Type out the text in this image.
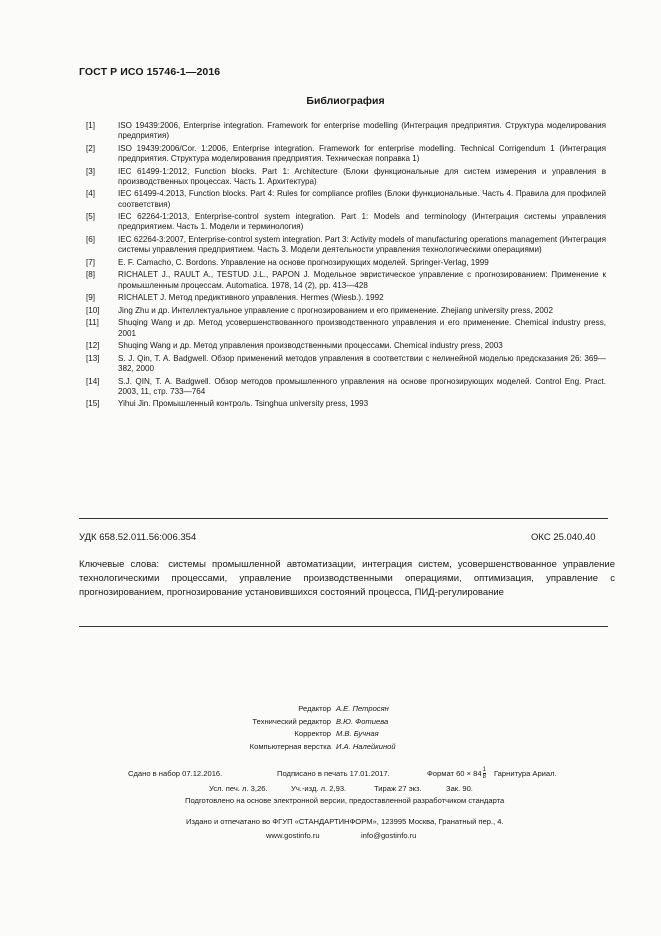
ГОСТ Р ИСО 15746-1—2016
Библиография
[1]	ISO 19439:2006, Enterprise integration. Framework for enterprise modelling (Интеграция предприятия. Структура моделирования предприятия)
[2]	ISO 19439:2006/Cor. 1:2006, Enterprise integration. Framework for enterprise modelling. Technical Corrigendum 1 (Интеграция предприятия. Структура моделирования предприятия. Техническая поправка 1)
[3]	IEC 61499-1:2012, Function blocks. Part 1: Architecture (Блоки функциональные для систем измерения и управления в производственных процессах. Часть 1. Архитектура)
[4]	IEC 61499-4.2013, Function blocks. Part 4: Rules for compliance profiles (Блоки функциональные. Часть 4. Правила для профилей соответствия)
[5]	IEC 62264-1:2013, Enterprise-control system integration. Part 1: Models and terminology (Интеграция системы управления предприятием. Часть 1. Модели и терминология)
[6]	IEC 62264-3:2007, Enterprise-control system integration. Part 3: Activity models of manufacturing operations management (Интеграция системы управления предприятием. Часть 3. Модели деятельности управления технологическими операциями)
[7]	E. F. Camacho, C. Bordons. Управление на основе прогнозирующих моделей. Springer-Verlag, 1999
[8]	RICHALET J., RAULT A., TESTUD J.L., PAPON J. Модельное эвристическое управление с прогнозированием: Применение к промышленным процессам. Automatica. 1978, 14 (2), pp. 413—428
[9]	RICHALET J. Метод предиктивного управления. Hermes (Wiesb.). 1992
[10]	Jing Zhu и др. Интеллектуальное управление с прогнозированием и его применение. Zhejiang university press, 2002
[11]	Shuqing Wang и др. Метод усовершенствованного производственного управления и его применение. Chemical industry press, 2001
[12]	Shuqing Wang и др. Метод управления производственными процессами. Chemical industry press, 2003
[13]	S. J. Qin, T. A. Badgwell. Обзор применений методов управления в соответствии с нелинейной моделью предсказания 26: 369—382, 2000
[14]	S.J. QIN, T. A. Badgwell. Обзор методов промышленного управления на основе прогнозирующих моделей. Control Eng. Pract. 2003, 11, стр. 733—764
[15]	Yihui Jin. Промышленный контроль. Tsinghua university press, 1993
УДК 658.52.011.56:006.354	ОКС 25.040.40
Ключевые слова: системы промышленной автоматизации, интеграция систем, усовершенствованное управление технологическими процессами, управление производственными операциями, оптимизация, управление с прогнозированием, прогнозирование установившихся состояний процесса, ПИД-регулирование
Редактор А.Е. Петросян
Технический редактор В.Ю. Фотиева
Корректор М.В. Бучная
Компьютерная верстка И.А. Налейкиной
Сдано в набор 07.12.2016.	Подписано в печать 17.01.2017.	Формат $60 \times 84 \frac{1}{8}$ Гарнитура Ариал.
Усл. печ. л. 3,26.	Уч.-изд. л. 2,93.	Тираж 27 экз.	Зак. 90.
Подготовлено на основе электронной версии, предоставленной разработчиком стандарта
Издано и отпечатано во ФГУП «СТАНДАРТИНФОРМ», 123995 Москва, Гранатный пер., 4.
www.gostinfo.ru	info@gostinfo.ru
